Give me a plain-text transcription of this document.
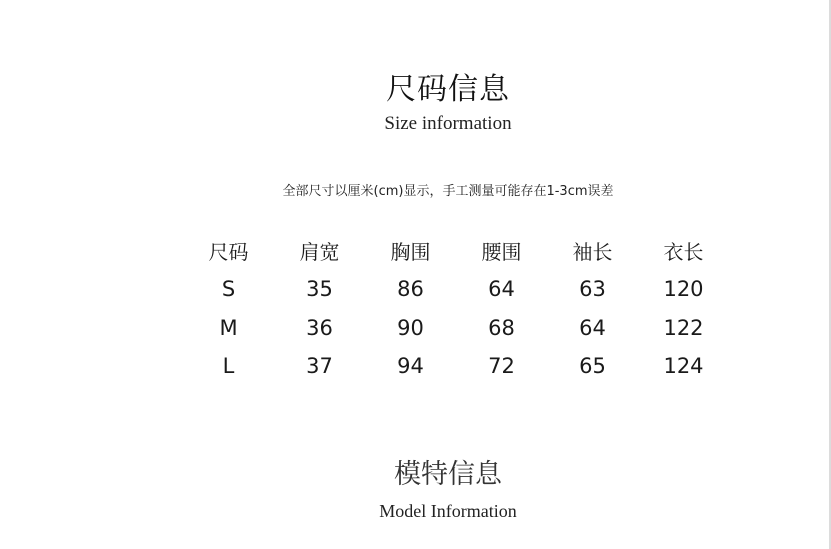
尺码信息
Size information
全部尺寸以厘米(cm)显示，手工测量可能存在1-3cm误差
尺码	肩宽	胸围	腰围	袖长	衣长
S	35	86	64	63	120
M	36	90	68	64	122
L	37	94	72	65	124
模特信息
Model Information
